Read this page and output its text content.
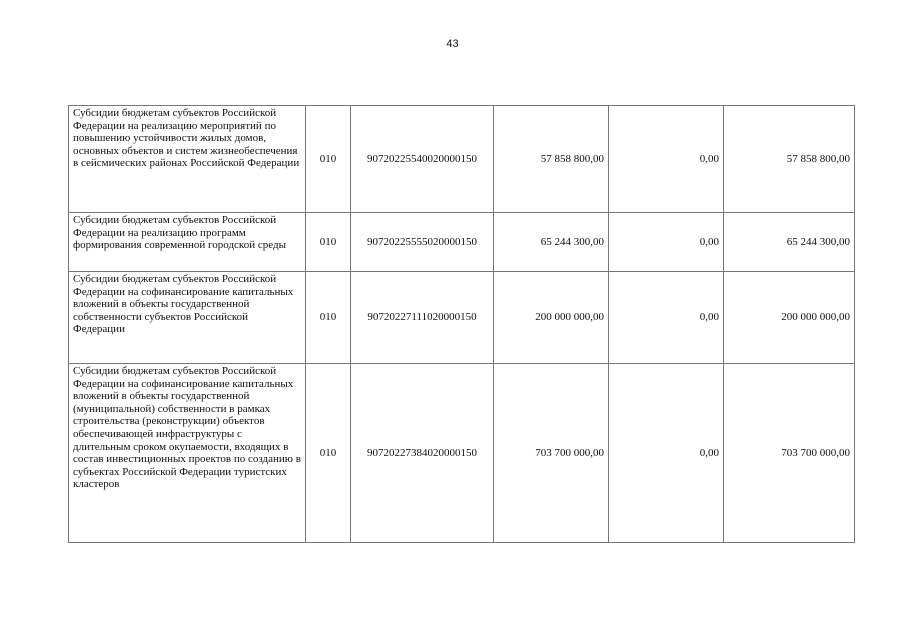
43
Субсидии бюджетам субъектов Российской Федерации на реализацию мероприятий по повышению устойчивости жилых домов, основных объектов и систем жизнеобеспечения в сейсмических районах Российской Федерации	010	90720225540020000150	57 858 800,00	0,00	57 858 800,00
Субсидии бюджетам субъектов Российской Федерации на реализацию программ формирования современной городской среды	010	90720225555020000150	65 244 300,00	0,00	65 244 300,00
Субсидии бюджетам субъектов Российской Федерации на софинансирование капитальных вложений в объекты государственной собственности субъектов Российской Федерации	010	90720227111020000150	200 000 000,00	0,00	200 000 000,00
Субсидии бюджетам субъектов Российской Федерации на софинансирование капитальных вложений в объекты государственной (муниципальной) собственности в рамках строительства (реконструкции) объектов обеспечивающей инфраструктуры с длительным сроком окупаемости, входящих в состав инвестиционных проектов по созданию в субъектах Российской Федерации туристских кластеров	010	90720227384020000150	703 700 000,00	0,00	703 700 000,00
